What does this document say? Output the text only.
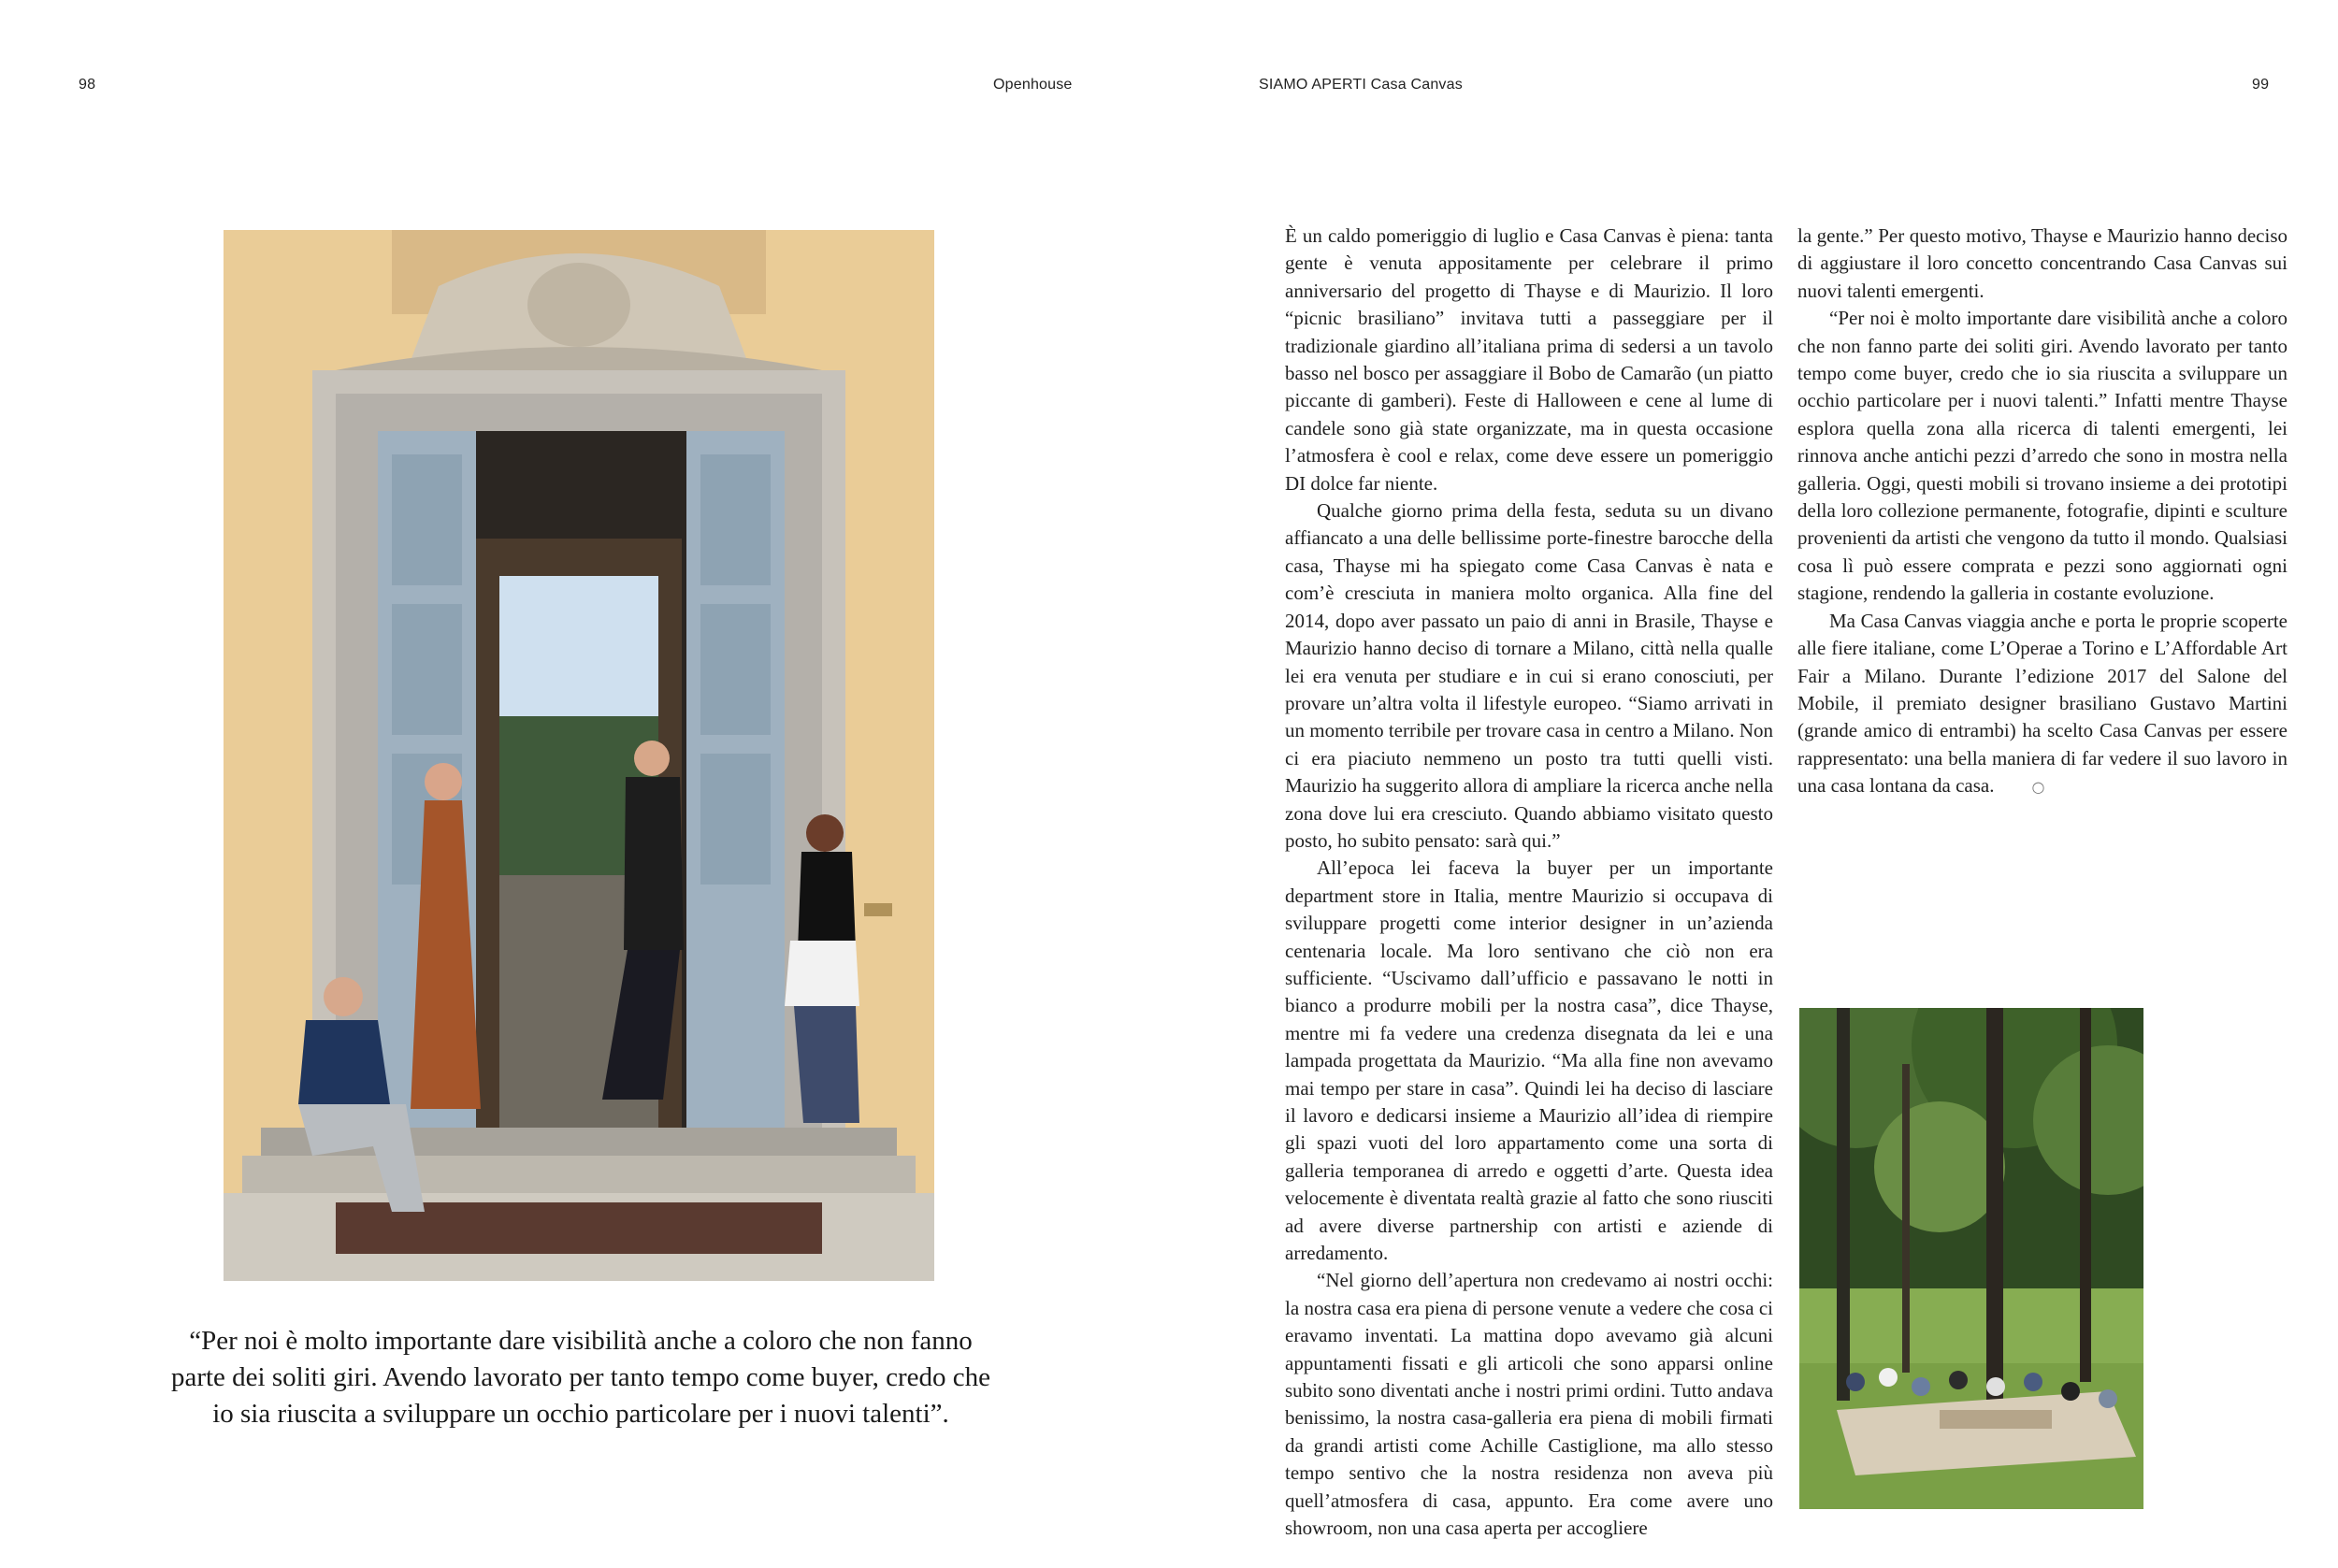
98	Openhouse	SIAMO APERTI Casa Canvas	99
“Per noi è molto importante dare visibilità anche a coloro che non fanno parte dei soliti giri. Avendo lavorato per tanto tempo come buyer, credo che io sia riuscita a sviluppare un occhio particolare per i nuovi talenti”.

È un caldo pomeriggio di luglio e Casa Canvas è piena: tanta gente è venuta appositamente per celebrare il primo anniversario del progetto di Thayse e di Maurizio. Il loro “picnic brasiliano” invitava tutti a passeggiare per il tradizionale giardino all’italiana prima di sedersi a un tavolo basso nel bosco per assaggiare il Bobo de Camarão (un piatto piccante di gamberi). Feste di Halloween e cene al lume di candele sono già state organizzate, ma in questa occasione l’atmosfera è cool e relax, come deve essere un pomeriggio DI dolce far niente.

Qualche giorno prima della festa, seduta su un divano affiancato a una delle bellissime porte-finestre barocche della casa, Thayse mi ha spiegato come Casa Canvas è nata e com’è cresciuta in maniera molto organica. Alla fine del 2014, dopo aver passato un paio di anni in Brasile, Thayse e Maurizio hanno deciso di tornare a Milano, città nella qualle lei era venuta per studiare e in cui si erano conosciuti, per provare un’altra volta il lifestyle europeo. “Siamo arrivati in un momento terribile per trovare casa in centro a Milano. Non ci era piaciuto nemmeno un posto tra tutti quelli visti. Maurizio ha suggerito allora di ampliare la ricerca anche nella zona dove lui era cresciuto. Quando abbiamo visitato questo posto, ho subito pensato: sarà qui.”

All’epoca lei faceva la buyer per un importante department store in Italia, mentre Maurizio si occupava di sviluppare progetti come interior designer in un’azienda centenaria locale. Ma loro sentivano che ciò non era sufficiente. “Uscivamo dall’ufficio e passavano le notti in bianco a produrre mobili per la nostra casa”, dice Thayse, mentre mi fa vedere una credenza disegnata da lei e una lampada progettata da Maurizio. “Ma alla fine non avevamo mai tempo per stare in casa”. Quindi lei ha deciso di lasciare il lavoro e dedicarsi insieme a Maurizio all’idea di riempire gli spazi vuoti del loro appartamento come una sorta di galleria temporanea di arredo e oggetti d’arte. Questa idea velocemente è diventata realtà grazie al fatto che sono riusciti ad avere diverse partnership con artisti e aziende di arredamento.

“Nel giorno dell’apertura non credevamo ai nostri occhi: la nostra casa era piena di persone venute a vedere che cosa ci eravamo inventati. La mattina dopo avevamo già alcuni appuntamenti fissati e gli articoli che sono apparsi online subito sono diventati anche i nostri primi ordini. Tutto andava benissimo, la nostra casa-galleria era piena di mobili firmati da grandi artisti come Achille Castiglione, ma allo stesso tempo sentivo che la nostra residenza non aveva più quell’atmosfera di casa, appunto. Era come avere uno showroom, non una casa aperta per accogliere

la gente.” Per questo motivo, Thayse e Maurizio hanno deciso di aggiustare il loro concetto concentrando Casa Canvas sui nuovi talenti emergenti.

“Per noi è molto importante dare visibilità anche a coloro che non fanno parte dei soliti giri. Avendo lavorato per tanto tempo come buyer, credo che io sia riuscita a sviluppare un occhio particolare per i nuovi talenti.” Infatti mentre Thayse esplora quella zona alla ricerca di talenti emergenti, lei rinnova anche antichi pezzi d’arredo che sono in mostra nella galleria. Oggi, questi mobili si trovano insieme a dei prototipi della loro collezione permanente, fotografie, dipinti e sculture provenienti da artisti che vengono da tutto il mondo. Qualsiasi cosa lì può essere comprata e pezzi sono aggiornati ogni stagione, rendendo la galleria in costante evoluzione.

Ma Casa Canvas viaggia anche e porta le proprie scoperte alle fiere italiane, come L’Operae a Torino e L’Affordable Art Fair a Milano. Durante l’edizione 2017 del Salone del Mobile, il premiato designer brasiliano Gustavo Martini (grande amico di entrambi) ha scelto Casa Canvas per essere rappresentato: una bella maniera di far vedere il suo lavoro in una casa lontana da casa.	○
